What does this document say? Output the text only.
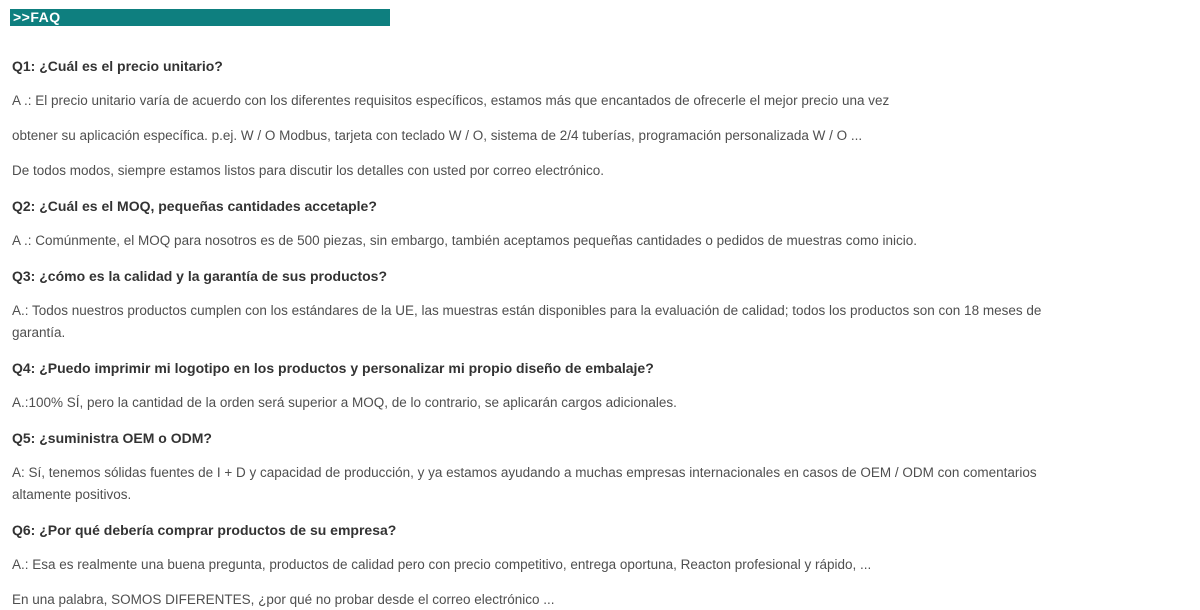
>>FAQ

Q1: ¿Cuál es el precio unitario?

A .: El precio unitario varía de acuerdo con los diferentes requisitos específicos, estamos más que encantados de ofrecerle el mejor precio una vez

obtener su aplicación específica. p.ej. W / O Modbus, tarjeta con teclado W / O, sistema de 2/4 tuberías, programación personalizada W / O ...

De todos modos, siempre estamos listos para discutir los detalles con usted por correo electrónico.

Q2: ¿Cuál es el MOQ, pequeñas cantidades accetaple?

A .: Comúnmente, el MOQ para nosotros es de 500 piezas, sin embargo, también aceptamos pequeñas cantidades o pedidos de muestras como inicio.

Q3: ¿cómo es la calidad y la garantía de sus productos?

A.: Todos nuestros productos cumplen con los estándares de la UE, las muestras están disponibles para la evaluación de calidad; todos los productos son con 18 meses de garantía.

Q4: ¿Puedo imprimir mi logotipo en los productos y personalizar mi propio diseño de embalaje?

A.:100% SÍ, pero la cantidad de la orden será superior a MOQ, de lo contrario, se aplicarán cargos adicionales.

Q5: ¿suministra OEM o ODM?

A: Sí, tenemos sólidas fuentes de I + D y capacidad de producción, y ya estamos ayudando a muchas empresas internacionales en casos de OEM / ODM con comentarios altamente positivos.

Q6: ¿Por qué debería comprar productos de su empresa?

A.: Esa es realmente una buena pregunta, productos de calidad pero con precio competitivo, entrega oportuna, Reacton profesional y rápido, ...

En una palabra, SOMOS DIFERENTES, ¿por qué no probar desde el correo electrónico ...
